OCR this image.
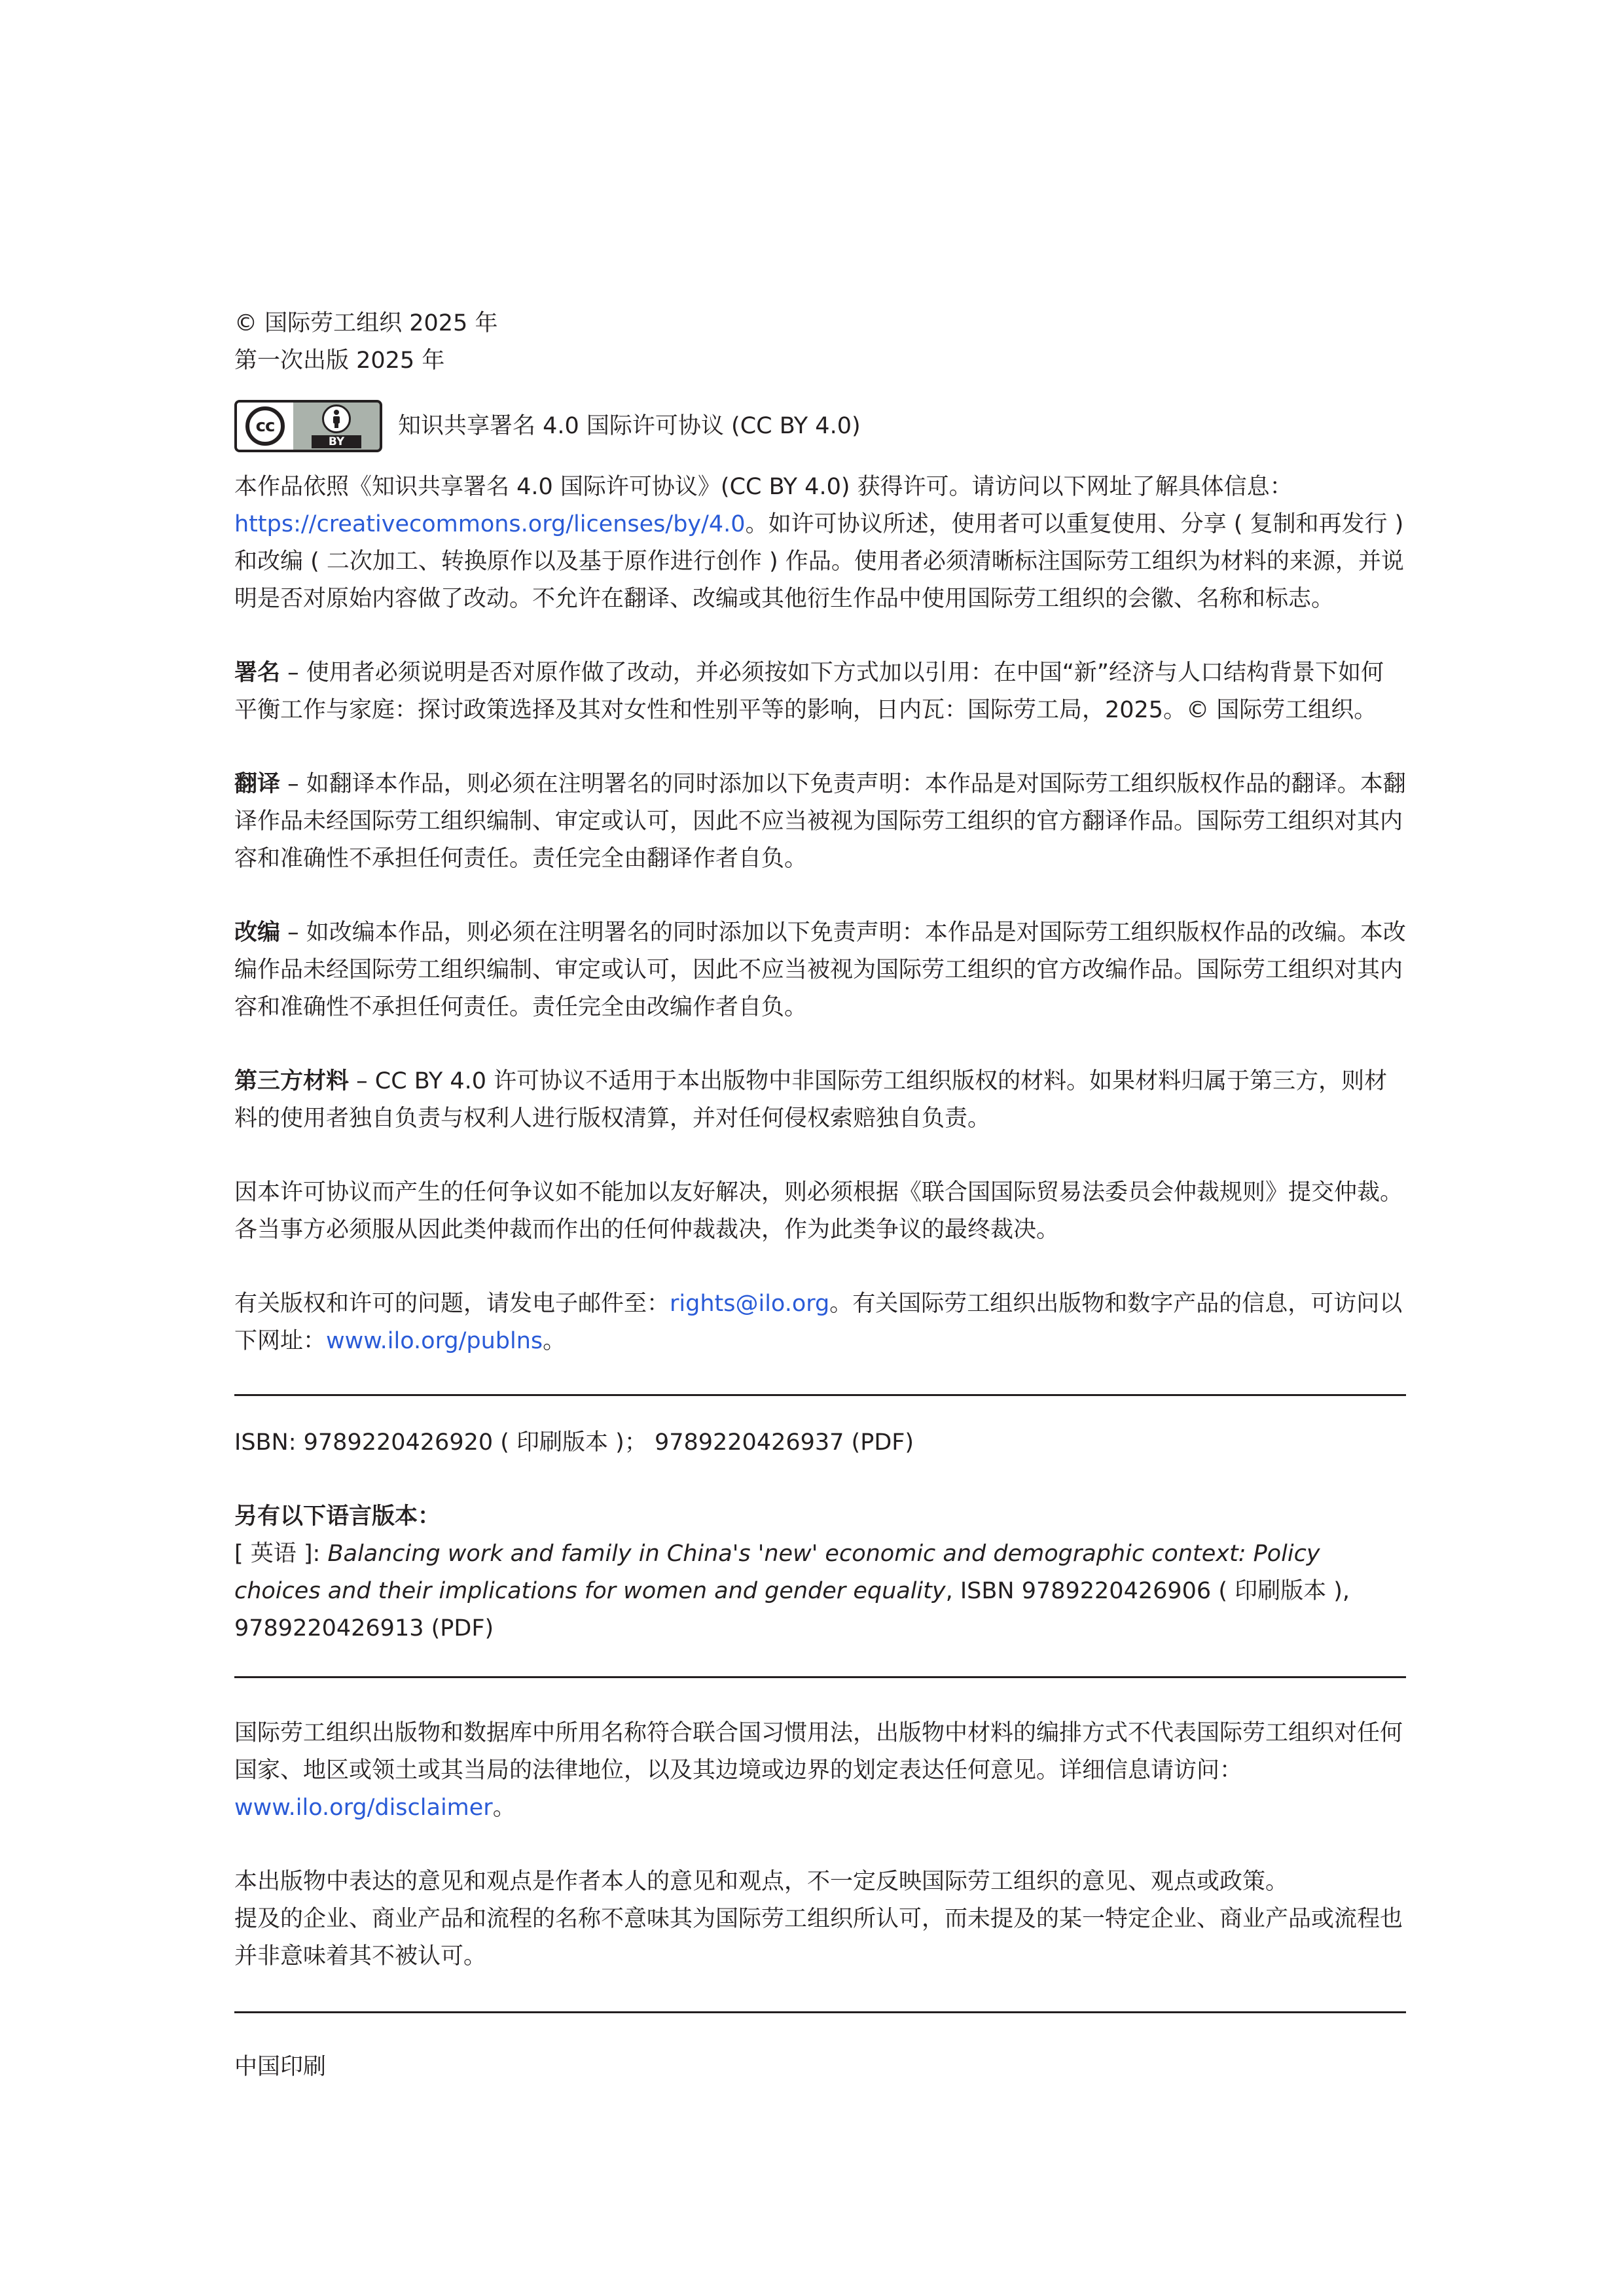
© 国际劳工组织 2025 年

第一次出版 2025 年

cc
BY
知识共享署名 4.0 国际许可协议 (CC BY 4.0)

本作品依照《知识共享署名 4.0 国际许可协议》(CC BY 4.0) 获得许可。请访问以下网址了解具体信息：https://creativecommons.org/licenses/by/4.0。如许可协议所述，使用者可以重复使用、分享 ( 复制和再发行 ) 和改编 ( 二次加工、转换原作以及基于原作进行创作 ) 作品。使用者必须清晰标注国际劳工组织为材料的来源，并说明是否对原始内容做了改动。不允许在翻译、改编或其他衍生作品中使用国际劳工组织的会徽、名称和标志。

署名 – 使用者必须说明是否对原作做了改动，并必须按如下方式加以引用：在中国“新”经济与人口结构背景下如何平衡工作与家庭：探讨政策选择及其对女性和性别平等的影响，日内瓦：国际劳工局，2025。© 国际劳工组织。

翻译 – 如翻译本作品，则必须在注明署名的同时添加以下免责声明：本作品是对国际劳工组织版权作品的翻译。本翻译作品未经国际劳工组织编制、审定或认可，因此不应当被视为国际劳工组织的官方翻译作品。国际劳工组织对其内容和准确性不承担任何责任。责任完全由翻译作者自负。

改编 – 如改编本作品，则必须在注明署名的同时添加以下免责声明：本作品是对国际劳工组织版权作品的改编。本改编作品未经国际劳工组织编制、审定或认可，因此不应当被视为国际劳工组织的官方改编作品。国际劳工组织对其内容和准确性不承担任何责任。责任完全由改编作者自负。

第三方材料 – CC BY 4.0 许可协议不适用于本出版物中非国际劳工组织版权的材料。如果材料归属于第三方，则材料的使用者独自负责与权利人进行版权清算，并对任何侵权索赔独自负责。

因本许可协议而产生的任何争议如不能加以友好解决，则必须根据《联合国国际贸易法委员会仲裁规则》提交仲裁。各当事方必须服从因此类仲裁而作出的任何仲裁裁决，作为此类争议的最终裁决。

有关版权和许可的问题，请发电子邮件至：rights@ilo.org。有关国际劳工组织出版物和数字产品的信息，可访问以下网址：www.ilo.org/publns。

ISBN: 9789220426920 ( 印刷版本 )； 9789220426937 (PDF)

另有以下语言版本：

[ 英语 ]: Balancing work and family in China's 'new' economic and demographic context: Policy choices and their implications for women and gender equality, ISBN 9789220426906 ( 印刷版本 ), 9789220426913 (PDF)

国际劳工组织出版物和数据库中所用名称符合联合国习惯用法，出版物中材料的编排方式不代表国际劳工组织对任何国家、地区或领土或其当局的法律地位，以及其边境或边界的划定表达任何意见。详细信息请访问：www.ilo.org/disclaimer。

本出版物中表达的意见和观点是作者本人的意见和观点，不一定反映国际劳工组织的意见、观点或政策。

提及的企业、商业产品和流程的名称不意味其为国际劳工组织所认可，而未提及的某一特定企业、商业产品或流程也并非意味着其不被认可。

中国印刷
